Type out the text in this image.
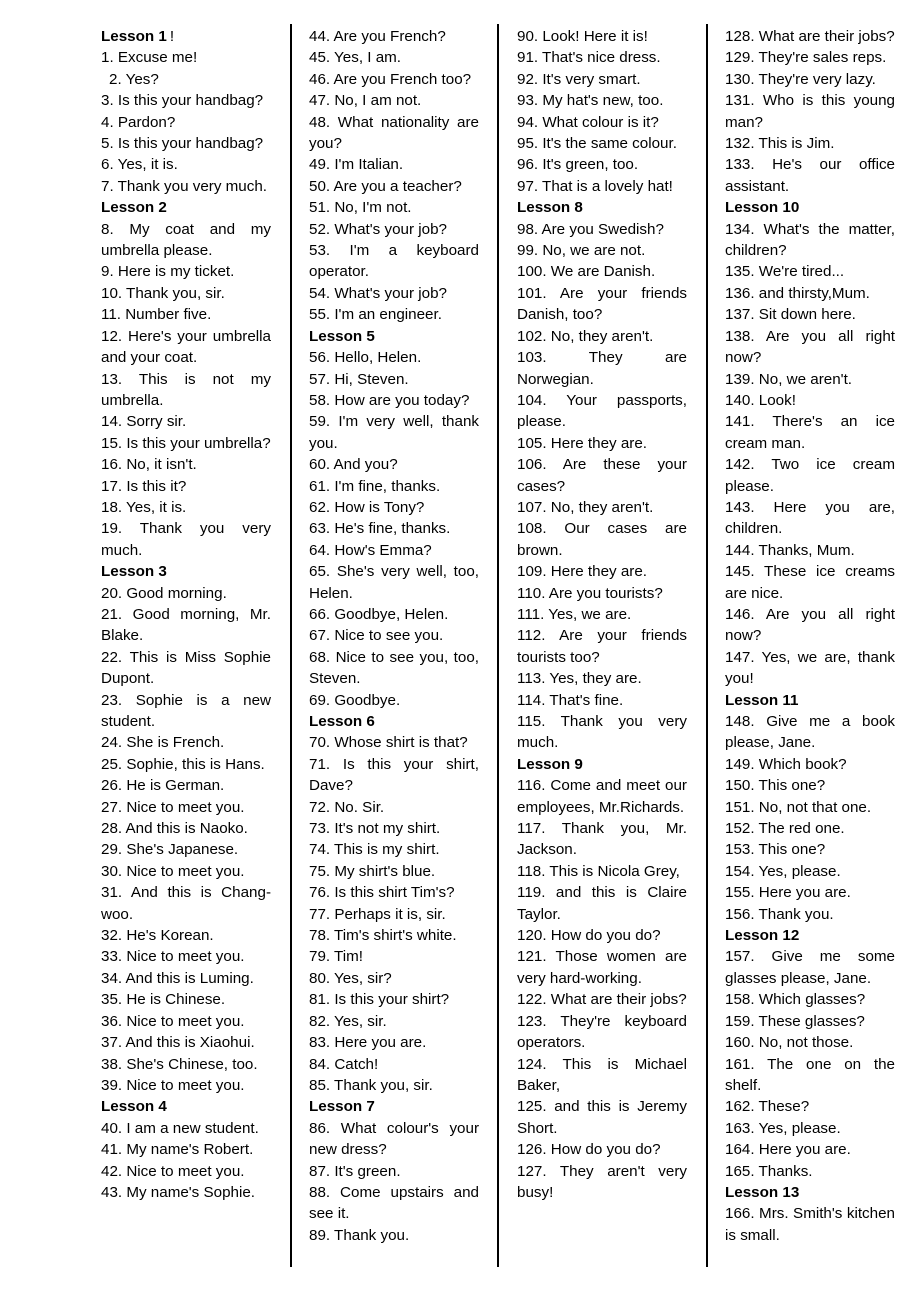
Lesson 1 !

1. Excuse me!

2. Yes?

3. Is this your handbag?

4. Pardon?

5. Is this your handbag?

6. Yes, it is.

7. Thank you very much.

Lesson 2

8. My coat and my umbrella please.

9. Here is my ticket.

10. Thank you, sir.

11. Number five.

12. Here's your umbrella and your coat.

13. This is not my umbrella.

14. Sorry sir.

15. Is this your umbrella?

16. No, it isn't.

17. Is this it?

18. Yes, it is.

19. Thank you very much.

Lesson 3

20. Good morning.

21. Good morning, Mr. Blake.

22. This is Miss Sophie Dupont.

23. Sophie is a new student.

24. She is French.

25. Sophie, this is Hans.

26. He is German.

27. Nice to meet you.

28. And this is Naoko.

29. She's Japanese.

30. Nice to meet you.

31. And this is Chang-woo.

32. He's Korean.

33. Nice to meet you.

34. And this is Luming.

35. He is Chinese.

36. Nice to meet you.

37. And this is Xiaohui.

38. She's Chinese, too.

39. Nice to meet you.

Lesson 4

40. I am a new student.

41. My name's Robert.

42. Nice to meet you.

43. My name's Sophie.

44. Are you French?

45. Yes, I am.

46. Are you French too?

47. No, I am not.

48. What nationality are you?

49. I'm Italian.

50. Are you a teacher?

51. No, I'm not.

52. What's your job?

53. I'm a keyboard operator.

54. What's your job?

55. I'm an engineer.

Lesson 5

56. Hello, Helen.

57. Hi, Steven.

58. How are you today?

59. I'm very well, thank you.

60. And you?

61. I'm fine, thanks.

62. How is Tony?

63. He's fine, thanks.

64. How's Emma?

65. She's very well, too, Helen.

66. Goodbye, Helen.

67. Nice to see you.

68. Nice to see you, too, Steven.

69. Goodbye.

Lesson 6

70. Whose shirt is that?

71. Is this your shirt, Dave?

72. No. Sir.

73. It's not my shirt.

74. This is my shirt.

75. My shirt's blue.

76. Is this shirt Tim's?

77. Perhaps it is, sir.

78. Tim's shirt's white.

79. Tim!

80. Yes, sir?

81. Is this your shirt?

82. Yes, sir.

83. Here you are.

84. Catch!

85. Thank you, sir.

Lesson 7

86. What colour's your new dress?

87. It's green.

88. Come upstairs and see it.

89. Thank you.

90. Look! Here it is!

91. That's nice dress.

92. It's very smart.

93. My hat's new, too.

94. What colour is it?

95. It's the same colour.

96. It's green, too.

97. That is a lovely hat!

Lesson 8

98. Are you Swedish?

99. No, we are not.

100. We are Danish.

101. Are your friends Danish, too?

102. No, they aren't.

103. They are Norwegian.

104. Your passports, please.

105. Here they are.

106. Are these your cases?

107. No, they aren't.

108. Our cases are brown.

109. Here they are.

110. Are you tourists?

111. Yes, we are.

112. Are your friends tourists too?

113. Yes, they are.

114. That's fine.

115. Thank you very much.

Lesson 9

116. Come and meet our employees, Mr.Richards.

117. Thank you, Mr. Jackson.

118. This is Nicola Grey,

119. and this is Claire Taylor.

120. How do you do?

121. Those women are very hard-working.

122. What are their jobs?

123. They're keyboard operators.

124. This is Michael Baker,

125. and this is Jeremy Short.

126. How do you do?

127. They aren't very busy!

128. What are their jobs?

129. They're sales reps.

130. They're very lazy.

131. Who is this young man?

132. This is Jim.

133. He's our office assistant.

Lesson 10

134. What's the matter, children?

135. We're tired...

136. and thirsty,Mum.

137. Sit down here.

138. Are you all right now?

139. No, we aren't.

140. Look!

141. There's an ice cream man.

142. Two ice cream please.

143. Here you are, children.

144. Thanks, Mum.

145. These ice creams are nice.

146. Are you all right now?

147. Yes, we are, thank you!

Lesson 11

148. Give me a book please, Jane.

149. Which book?

150. This one?

151. No, not that one.

152. The red one.

153. This one?

154. Yes, please.

155. Here you are.

156. Thank you.

Lesson 12

157. Give me some glasses please, Jane.

158. Which glasses?

159. These glasses?

160. No, not those.

161. The one on the shelf.

162. These?

163. Yes, please.

164. Here you are.

165. Thanks.

Lesson 13

166. Mrs. Smith's kitchen is small.
